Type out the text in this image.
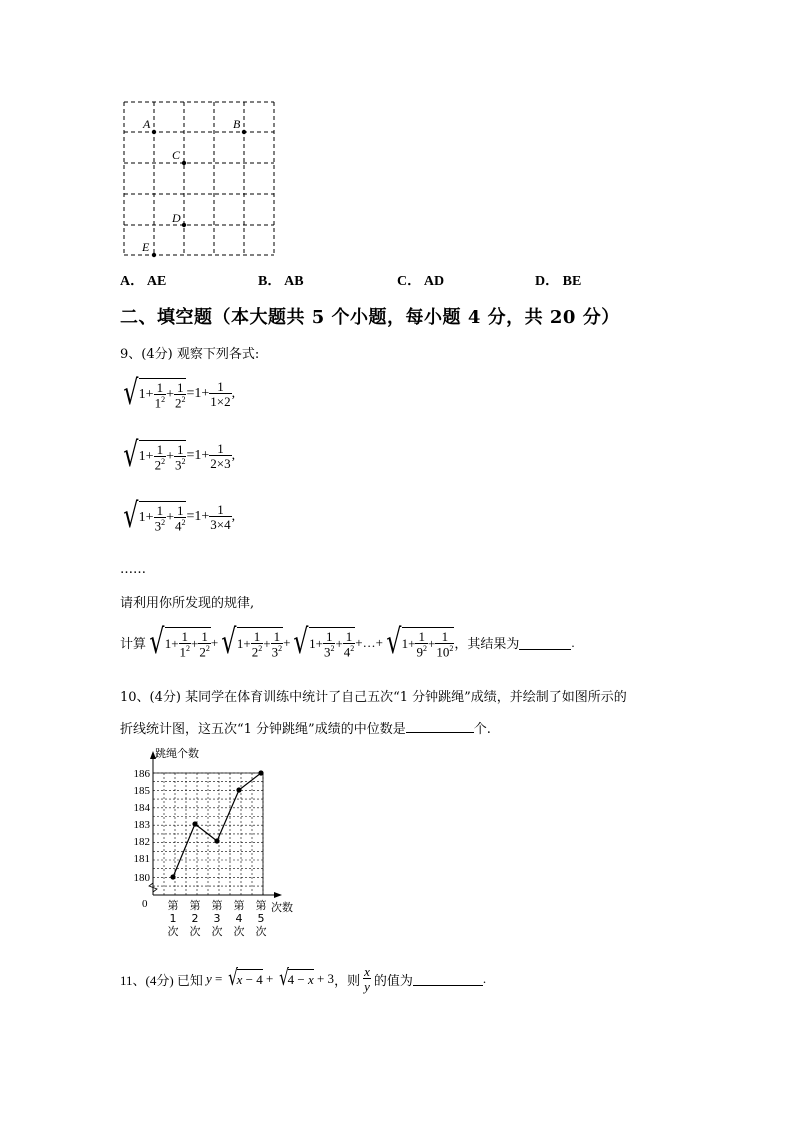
A	B
C
D
E
A． AE	B． AB	C． AD	D． BE
二、填空题（本大题共 5 个小题，每小题 4 分，共 20 分）
9、(4分) 观察下列各式:
√ $1+ \frac{1}{1^2} + \frac{1}{2^2} =1+ \frac{1}{1\times 2}$ ,
√ $1+ \frac{1}{2^2} + \frac{1}{3^2} =1+ \frac{1}{2\times 3}$ ,
√ $1+ \frac{1}{3^2} + \frac{1}{4^2} =1+ \frac{1}{3\times 4}$ ,
……
请利用你所发现的规律,
计算 √ $1+ \frac{1}{1^2} + \frac{1}{2^2}$ + √ $1+ \frac{1}{2^2} + \frac{1}{3^2}$ + √ $1+ \frac{1}{3^2} + \frac{1}{4^2}$ +…+ √ $1+ \frac{1}{9^2} + \frac{1}{10^2}$ ，其结果为	.
10、(4分) 某同学在体育训练中统计了自己五次“1 分钟跳绳”成绩，并绘制了如图所示的
折线统计图，这五次“1 分钟跳绳”成绩的中位数是	个.
跳绳个数
次数
0
180
181
182
183
184
185
186
第
1
次
第
2
次
第
3
次
第
4
次
第
5
次
11、(4分) 已知 y = √ x − 4 + √ 4 − x + 3 ，则 $\frac{x}{y}$ 的值为	.
